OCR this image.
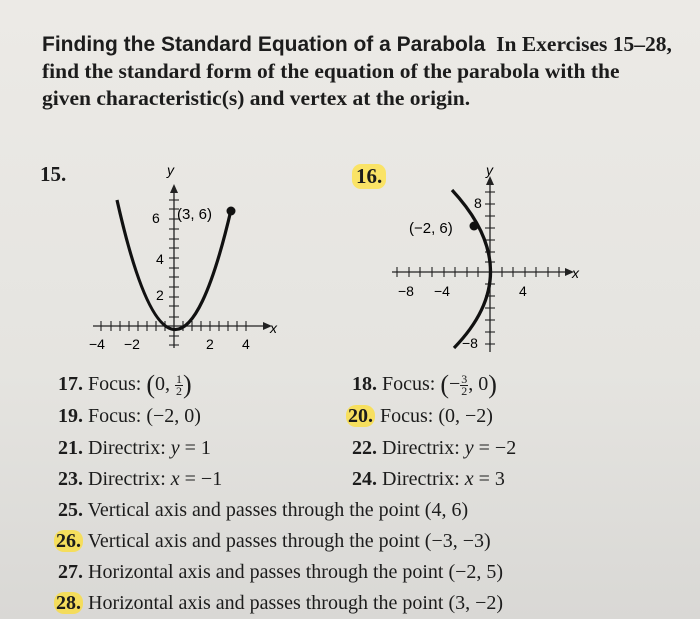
Finding the Standard Equation of a Parabola In Exercises 15–28, find the standard form of the equation of the parabola with the given characteristic(s) and vertex at the origin.
15.	16.
y
x
(3, 6)
6
4
2
−4 −2	2 4
y
x
(−2, 6)
8
−8
−8 −4	4
17. Focus: (0, $\frac{1}{2}$ )	18. Focus: (− $\frac{3}{2}$ , 0)
19. Focus: (−2, 0)	20. Focus: (0, −2)
21. Directrix: y = 1	22. Directrix: y = −2
23. Directrix: x = −1	24. Directrix: x = 3
25. Vertical axis and passes through the point (4, 6)
26. Vertical axis and passes through the point (−3, −3)
27. Horizontal axis and passes through the point (−2, 5)
28. Horizontal axis and passes through the point (3, −2)
